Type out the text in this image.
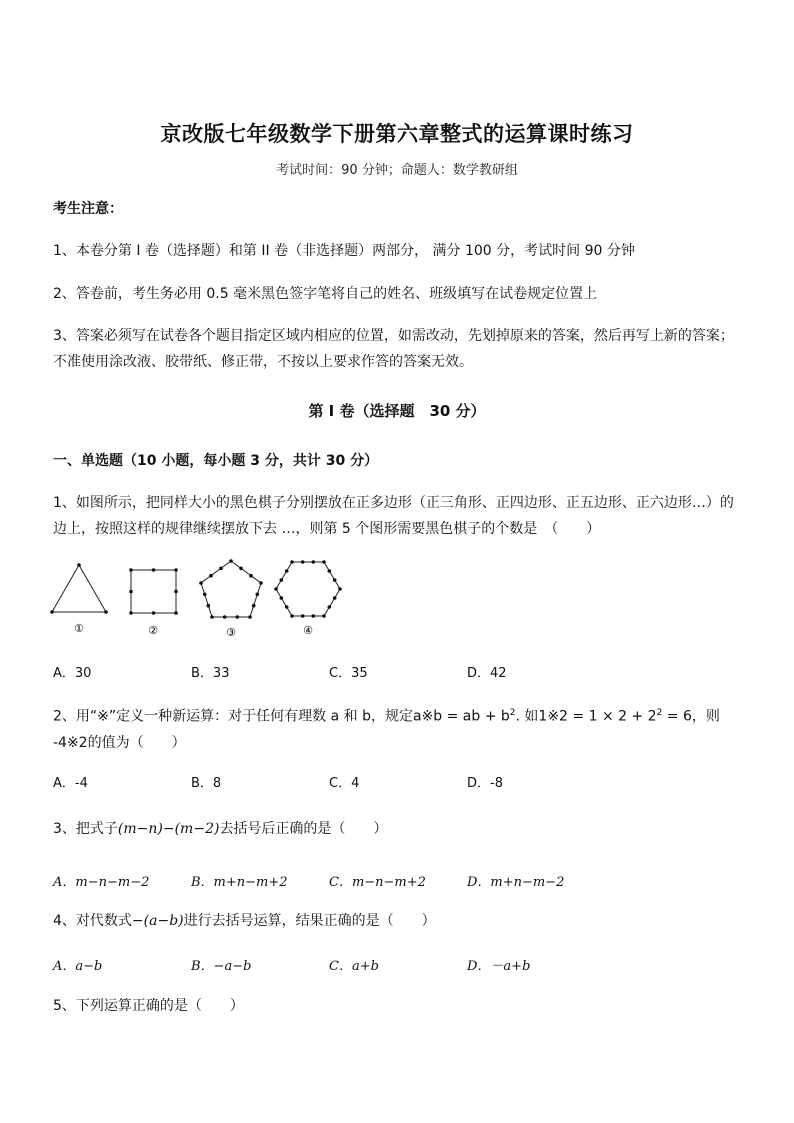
京改版七年级数学下册第六章整式的运算课时练习
考试时间：90 分钟；命题人：数学教研组
考生注意：
1、本卷分第 I 卷（选择题）和第 II 卷（非选择题）两部分， 满分 100 分，考试时间 90 分钟
2、答卷前，考生务必用 0.5 毫米黑色签字笔将自己的姓名、班级填写在试卷规定位置上
3、答案必须写在试卷各个题目指定区域内相应的位置，如需改动，先划掉原来的答案，然后再写上新的答案；不准使用涂改液、胶带纸、修正带，不按以上要求作答的答案无效。
第 I 卷（选择题　30 分）
一、单选题（10 小题，每小题 3 分，共计 30 分）
1、如图所示，把同样大小的黑色棋子分别摆放在正多边形（正三角形、正四边形、正五边形、正六边形…）的边上，按照这样的规律继续摆放下去 …，则第 5 个图形需要黑色棋子的个数是　（　　）
①	②	③	④
A．30	B．33	C．35	D．42
2、用“※”定义一种新运算：对于任何有理数 a 和 b，规定a※b = ab + $b^2$. 如1※2 = $1 \times 2 + 2^2 = 6$，则 -4※2的值为（　　）
A．-4	B．8	C．4	D．-8
3、把式子(m−n)−(m−2)去括号后正确的是（　　）
A．m−n−m−2	B．m+n−m+2	C．m−n−m+2	D．m+n−m−2
4、对代数式−(a−b)进行去括号运算，结果正确的是（　　）
A．a−b	B．−a−b	C．a+b	D．－a+b
5、下列运算正确的是（　　）
